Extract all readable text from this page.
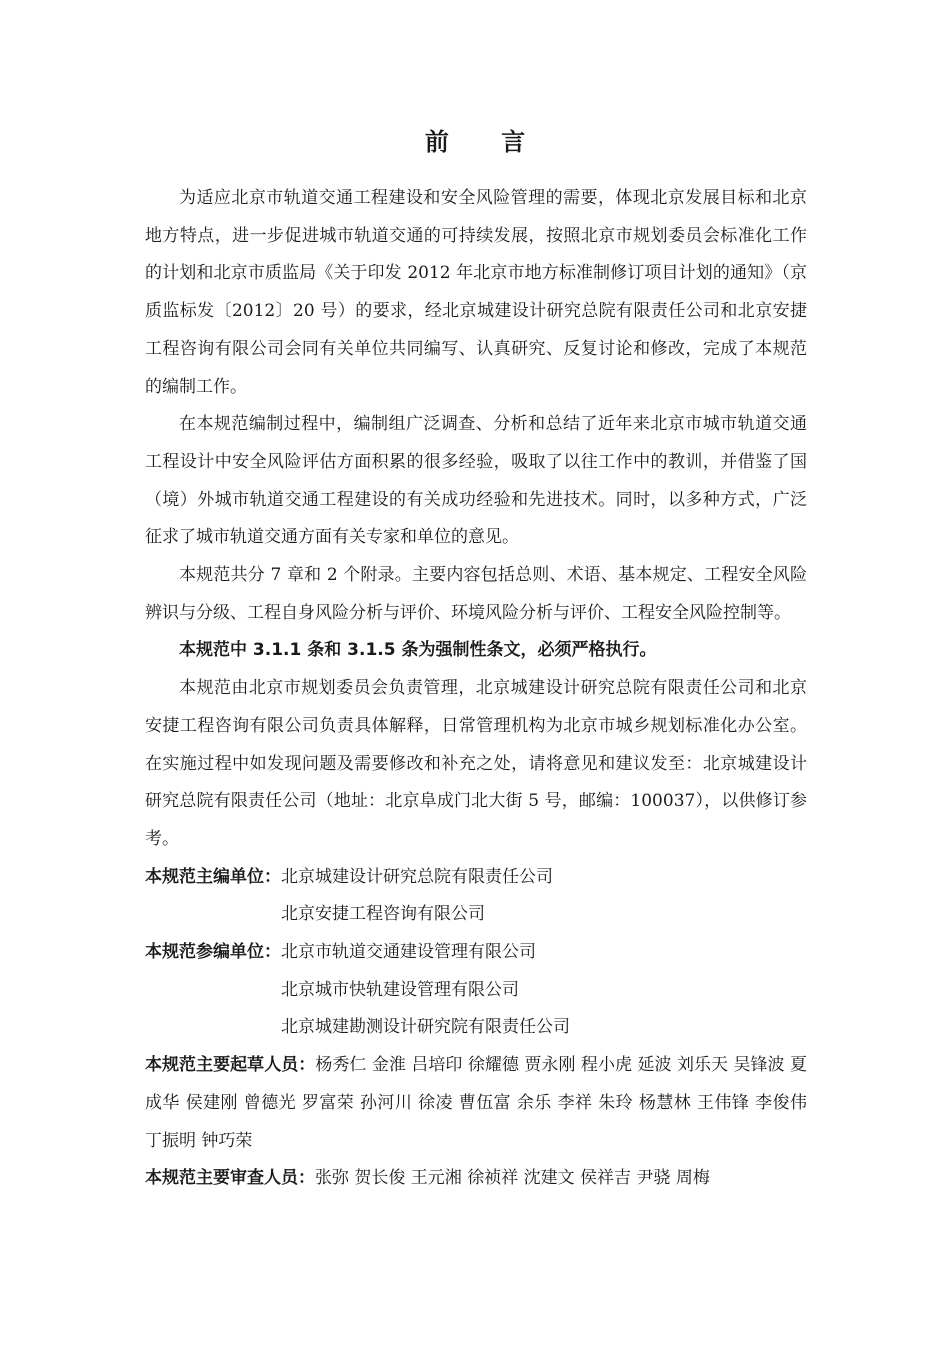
前 言

为适应北京市轨道交通工程建设和安全风险管理的需要，体现北京发展目标和北京地方特点，进一步促进城市轨道交通的可持续发展，按照北京市规划委员会标准化工作的计划和北京市质监局《关于印发 2012 年北京市地方标准制修订项目计划的通知》（京质监标发〔2012〕20 号）的要求，经北京城建设计研究总院有限责任公司和北京安捷工程咨询有限公司会同有关单位共同编写、认真研究、反复讨论和修改，完成了本规范的编制工作。

在本规范编制过程中，编制组广泛调查、分析和总结了近年来北京市城市轨道交通工程设计中安全风险评估方面积累的很多经验，吸取了以往工作中的教训，并借鉴了国（境）外城市轨道交通工程建设的有关成功经验和先进技术。同时，以多种方式，广泛征求了城市轨道交通方面有关专家和单位的意见。

本规范共分 7 章和 2 个附录。主要内容包括总则、术语、基本规定、工程安全风险辨识与分级、工程自身风险分析与评价、环境风险分析与评价、工程安全风险控制等。

本规范中 3.1.1 条和 3.1.5 条为强制性条文，必须严格执行。

本规范由北京市规划委员会负责管理，北京城建设计研究总院有限责任公司和北京安捷工程咨询有限公司负责具体解释，日常管理机构为北京市城乡规划标准化办公室。在实施过程中如发现问题及需要修改和补充之处，请将意见和建议发至：北京城建设计研究总院有限责任公司（地址：北京阜成门北大街 5 号，邮编：100037），以供修订参考。

本规范主编单位： 北京城建设计研究总院有限责任公司
北京安捷工程咨询有限公司
本规范参编单位： 北京市轨道交通建设管理有限公司
北京城市快轨建设管理有限公司
北京城建勘测设计研究院有限责任公司

本规范主要起草人员：杨秀仁 金淮 吕培印 徐耀德 贾永刚 程小虎 延波 刘乐天 吴锋波 夏成华 侯建刚 曾德光 罗富荣 孙河川 徐凌 曹伍富 余乐 李祥 朱玲 杨慧林 王伟锋 李俊伟 丁振明 钟巧荣

本规范主要审查人员：张弥 贺长俊 王元湘 徐祯祥 沈建文 侯祥吉 尹骁 周梅
